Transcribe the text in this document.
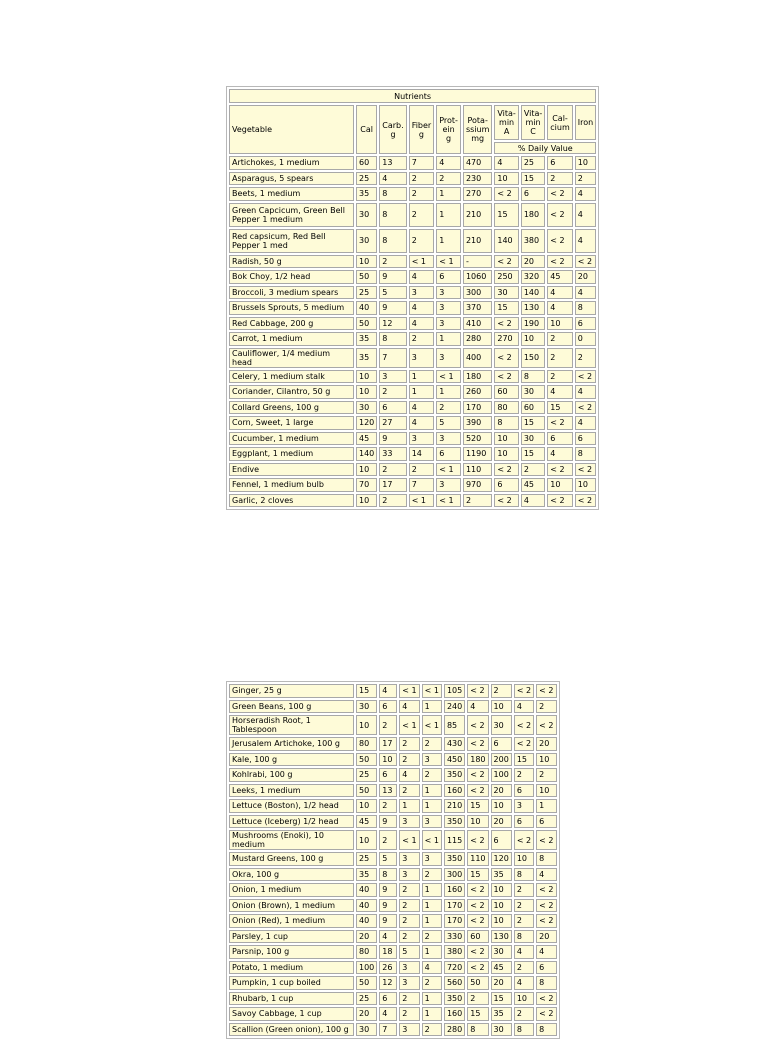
Nutrients									
Vegetable	Cal	Carb. g	Fiber g	Prot-ein g	Pota-ssium mg	Vita-min A	Vita-min C	Cal-cium	Iron
						% Daily Value			
Artichokes, 1 medium	60	13	7	4	470	4	25	6	10
Asparagus, 5 spears	25	4	2	2	230	10	15	2	2
Beets, 1 medium	35	8	2	1	270	< 2	6	< 2	4
Green Capcicum, Green Bell Pepper 1 medium	30	8	2	1	210	15	180	< 2	4
Red capsicum, Red Bell Pepper 1 med	30	8	2	1	210	140	380	< 2	4
Radish, 50 g	10	2	< 1	< 1	-	< 2	20	< 2	< 2
Bok Choy, 1/2 head	50	9	4	6	1060	250	320	45	20
Broccoli, 3 medium spears	25	5	3	3	300	30	140	4	4
Brussels Sprouts, 5 medium	40	9	4	3	370	15	130	4	8
Red Cabbage, 200 g	50	12	4	3	410	< 2	190	10	6
Carrot, 1 medium	35	8	2	1	280	270	10	2	0
Cauliflower, 1/4 medium head	35	7	3	3	400	< 2	150	2	2
Celery, 1 medium stalk	10	3	1	< 1	180	< 2	8	2	< 2
Coriander, Cilantro, 50 g	10	2	1	1	260	60	30	4	4
Collard Greens, 100 g	30	6	4	2	170	80	60	15	< 2
Corn, Sweet, 1 large	120	27	4	5	390	8	15	< 2	4
Cucumber, 1 medium	45	9	3	3	520	10	30	6	6
Eggplant, 1 medium	140	33	14	6	1190	10	15	4	8
Endive	10	2	2	< 1	110	< 2	2	< 2	< 2
Fennel, 1 medium bulb	70	17	7	3	970	6	45	10	10
Garlic, 2 cloves	10	2	< 1	< 1	2	< 2	4	< 2	< 2
Ginger, 25 g	15	4	< 1	< 1	105	< 2	2	< 2	< 2
Green Beans, 100 g	30	6	4	1	240	4	10	4	2
Horseradish Root, 1 Tablespoon	10	2	< 1	< 1	85	< 2	30	< 2	< 2
Jerusalem Artichoke, 100 g	80	17	2	2	430	< 2	6	< 2	20
Kale, 100 g	50	10	2	3	450	180	200	15	10
Kohlrabi, 100 g	25	6	4	2	350	< 2	100	2	2
Leeks, 1 medium	50	13	2	1	160	< 2	20	6	10
Lettuce (Boston), 1/2 head	10	2	1	1	210	15	10	3	1
Lettuce (Iceberg) 1/2 head	45	9	3	3	350	10	20	6	6
Mushrooms (Enoki), 10 medium	10	2	< 1	< 1	115	< 2	6	< 2	< 2
Mustard Greens, 100 g	25	5	3	3	350	110	120	10	8
Okra, 100 g	35	8	3	2	300	15	35	8	4
Onion, 1 medium	40	9	2	1	160	< 2	10	2	< 2
Onion (Brown), 1 medium	40	9	2	1	170	< 2	10	2	< 2
Onion (Red), 1 medium	40	9	2	1	170	< 2	10	2	< 2
Parsley, 1 cup	20	4	2	2	330	60	130	8	20
Parsnip, 100 g	80	18	5	1	380	< 2	30	4	4
Potato, 1 medium	100	26	3	4	720	< 2	45	2	6
Pumpkin, 1 cup boiled	50	12	3	2	560	50	20	4	8
Rhubarb, 1 cup	25	6	2	1	350	2	15	10	< 2
Savoy Cabbage, 1 cup	20	4	2	1	160	15	35	2	< 2
Scallion (Green onion), 100 g	30	7	3	2	280	8	30	8	8
